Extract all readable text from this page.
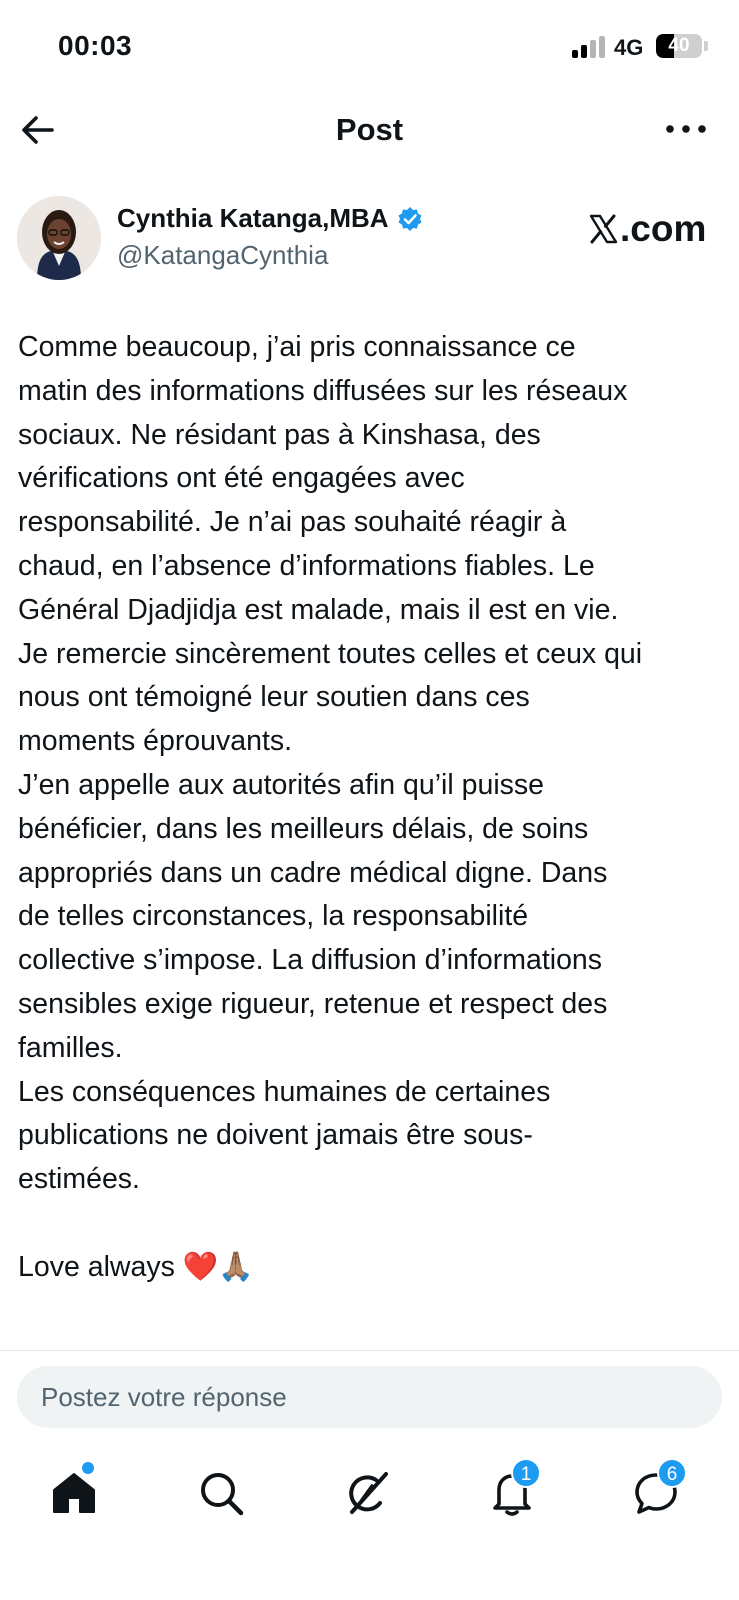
00:03	4G	40
Post
Cynthia Katanga,MBA
@KatangaCynthia
.com

Comme beaucoup, j’ai pris connaissance ce

matin des informations diffusées sur les réseaux

sociaux. Ne résidant pas à Kinshasa, des

vérifications ont été engagées avec

responsabilité. Je n’ai pas souhaité réagir à

chaud, en l’absence d’informations fiables. Le

Général Djadjidja est malade, mais il est en vie.

Je remercie sincèrement toutes celles et ceux qui

nous ont témoigné leur soutien dans ces

moments éprouvants.

J’en appelle aux autorités afin qu’il puisse

bénéficier, dans les meilleurs délais, de soins

appropriés dans un cadre médical digne. Dans

de telles circonstances, la responsabilité

collective s’impose. La diffusion d’informations

sensibles exige rigueur, retenue et respect des

familles.

Les conséquences humaines de certaines

publications ne doivent jamais être sous-

estimées.

Love always ❤️🙏🏽

Postez votre réponse
1	6
